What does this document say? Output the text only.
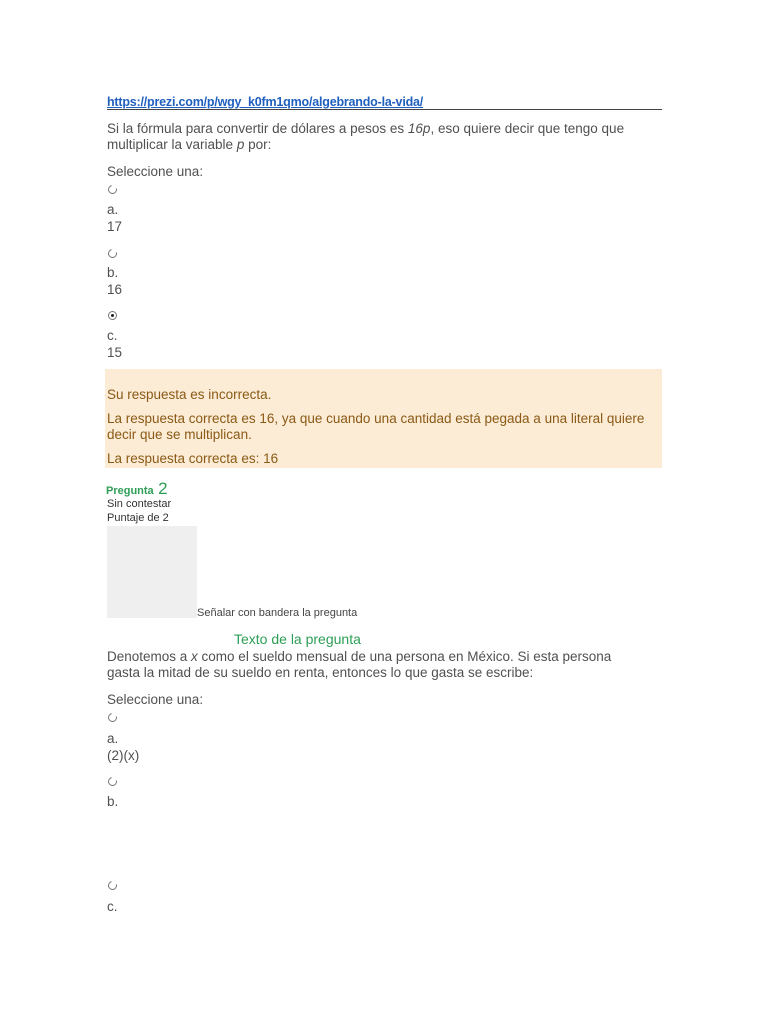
https://prezi.com/p/wgy_k0fm1qmo/algebrando-la-vida/
Si la fórmula para convertir de dólares a pesos es 16p, eso quiere decir que tengo que
multiplicar la variable p por:
Seleccione una:
a.
17
b.
16
c.
15
Su respuesta es incorrecta.
La respuesta correcta es 16, ya que cuando una cantidad está pegada a una literal quiere
decir que se multiplican.
La respuesta correcta es: 16
Pregunta 2
Sin contestar
Puntaje de 2
Señalar con bandera la pregunta
Texto de la pregunta
Denotemos a x como el sueldo mensual de una persona en México. Si esta persona
gasta la mitad de su sueldo en renta, entonces lo que gasta se escribe:
Seleccione una:
a.
(2)(x)
b.
c.
